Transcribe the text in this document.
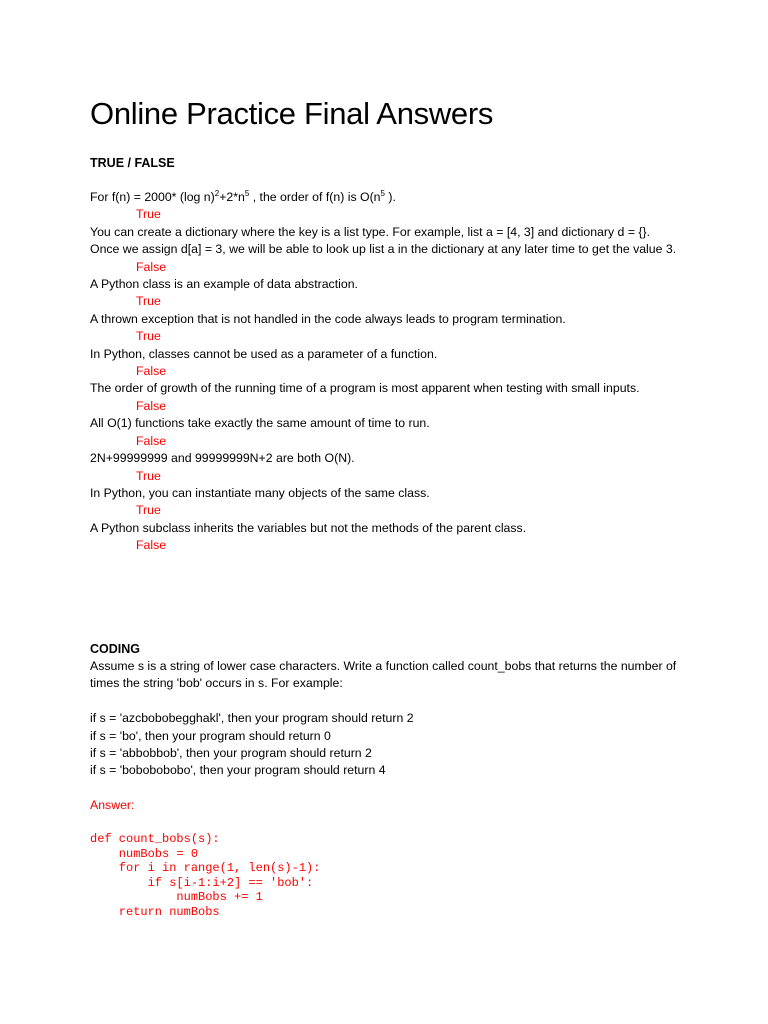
Online Practice Final Answers
TRUE / FALSE

For f(n) = 2000* (log $n)^2+2*n^5$ , the order of f(n) is $O(n^5$ ).

True

You can create a dictionary where the key is a list type. For example, list a = [4, 3] and dictionary d = {}. Once we assign d[a] = 3, we will be able to look up list a in the dictionary at any later time to get the value 3.

False

A Python class is an example of data abstraction.

True

A thrown exception that is not handled in the code always leads to program termination.

True

In Python, classes cannot be used as a parameter of a function.

False

The order of growth of the running time of a program is most apparent when testing with small inputs.

False

All O(1) functions take exactly the same amount of time to run.

False

2N+99999999 and 99999999N+2 are both O(N).

True

In Python, you can instantiate many objects of the same class.

True

A Python subclass inherits the variables but not the methods of the parent class.

False

CODING

Assume s is a string of lower case characters. Write a function called count_bobs that returns the number of times the string 'bob' occurs in s. For example:

if s = 'azcbobobegghakl', then your program should return 2

if s = 'bo', then your program should return 0

if s = 'abbobbob', then your program should return 2

if s = 'bobobobobo', then your program should return 4

Answer:

def count_bobs(s):
numBobs = 0
for i in range(1, len(s)-1):
if s[i-1:i+2] == 'bob':
numBobs += 1
return numBobs
